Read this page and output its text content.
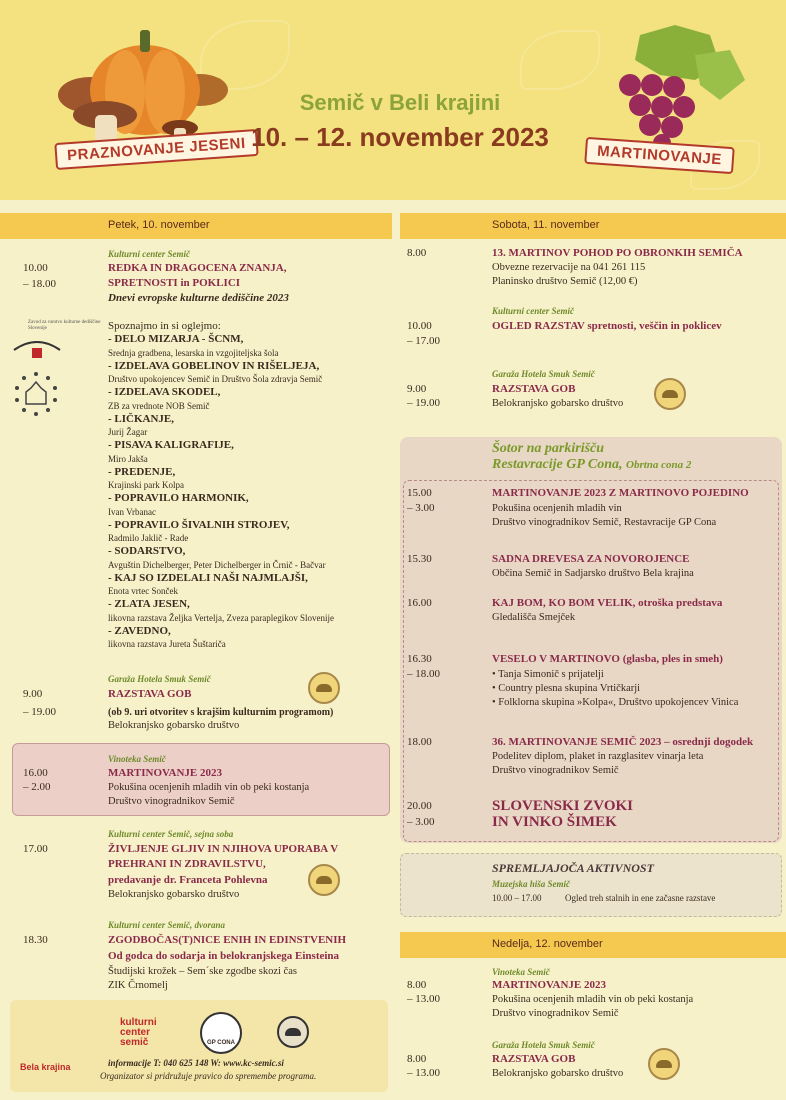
PRAZNOVANJE JESENI
Semič v Beli krajini
10. – 12. november 2023
MARTINOVANJE
Petek, 10. november
Kulturni center Semič
10.00
– 18.00
REDKA IN DRAGOCENA ZNANJA,
SPRETNOSTI in POKLICI
Dnevi evropske kulturne dediščine 2023
Spoznajmo in si oglejmo:
- DELO MIZARJA - ŠCNM,
Srednja gradbena, lesarska in vzgojiteljska šola
- IZDELAVA GOBELINOV IN RIŠELJEJA,
Društvo upokojencev Semič in Društvo Šola zdravja Semič
- IZDELAVA SKODEL,
ZB za vrednote NOB Semič
- LIČKANJE,
Jurij Žagar
- PISAVA KALIGRAFIJE,
Miro Jakša
- PREDENJE,
Krajinski park Kolpa
- POPRAVILO HARMONIK,
Ivan Vrbanac
- POPRAVILO ŠIVALNIH STROJEV,
Radmilo Jaklič - Rade
- SODARSTVO,
Avguštin Dichelberger, Peter Dichelberger in Črnič - Bačvar
- KAJ SO IZDELALI NAŠI NAJMLAJŠI,
Enota vrtec Sonček
- ZLATA JESEN,
likovna razstava Željka Vertelja, Zveza paraplegikov Slovenije
- ZAVEDNO,
likovna razstava Jureta Šuštariča
Zavod za varstvo kulturne dediščine Slovenije
Garaža Hotela Smuk Semič
9.00
– 19.00
RAZSTAVA GOB
(ob 9. uri otvoritev s krajšim kulturnim programom)
Belokranjsko gobarsko društvo
Vinoteka Semič
16.00
– 2.00
MARTINOVANJE 2023
Pokušina ocenjenih mladih vin ob peki kostanja
Društvo vinogradnikov Semič
Kulturni center Semič, sejna soba
17.00	ŽIVLJENJE GLJIV IN NJIHOVA UPORABA V
PREHRANI IN ZDRAVILSTVU,
predavanje dr. Franceta Pohlevna
Belokranjsko gobarsko društvo
Kulturni center Semič, dvorana
18.30	ZGODBOČAS(T)NICE ENIH IN EDINSTVENIH
Od godca do sodarja in belokranjskega Einsteina
Študijski krožek – Sem´ske zgodbe skozi čas
ZIK Črnomelj
kulturni center semič	GP CONA
Bela krajina	informacije T: 040 625 148 W: www.kc-semic.si
Organizator si pridružuje pravico do spremembe programa.
Sobota, 11. november
8.00	13. MARTINOV POHOD PO OBRONKIH SEMIČA
Obvezne rezervacije na 041 261 115
Planinsko društvo Semič (12,00 €)
Kulturni center Semič
10.00
– 17.00
OGLED RAZSTAV spretnosti, veščin in poklicev
Garaža Hotela Smuk Semič
9.00
– 19.00
RAZSTAVA GOB
Belokranjsko gobarsko društvo
Šotor na parkirišču
Restavracije GP Cona, Obrtna cona 2
15.00
– 3.00
MARTINOVANJE 2023 Z MARTINOVO POJEDINO
Pokušina ocenjenih mladih vin
Društvo vinogradnikov Semič, Restavracije GP Cona
15.30	SADNA DREVESA ZA NOVOROJENCE
Občina Semič in Sadjarsko društvo Bela krajina
16.00	KAJ BOM, KO BOM VELIK, otroška predstava
Gledališča Smejček
16.30
– 18.00
VESELO V MARTINOVO (glasba, ples in smeh)
• Tanja Simonič s prijatelji
• Country plesna skupina Vrtičkarji
• Folklorna skupina »Kolpa«, Društvo upokojencev Vinica
18.00	36. MARTINOVANJE SEMIČ 2023 – osrednji dogodek
Podelitev diplom, plaket in razglasitev vinarja leta
Društvo vinogradnikov Semič
20.00
– 3.00
SLOVENSKI ZVOKI
IN VINKO ŠIMEK
SPREMLJAJOČA AKTIVNOST
Muzejska hiša Semič
10.00 – 17.00	Ogled treh stalnih in ene začasne razstave
Nedelja, 12. november
Vinoteka Semič
8.00
– 13.00
MARTINOVANJE 2023
Pokušina ocenjenih mladih vin ob peki kostanja
Društvo vinogradnikov Semič
Garaža Hotela Smuk Semič
8.00
– 13.00
RAZSTAVA GOB
Belokranjsko gobarsko društvo
